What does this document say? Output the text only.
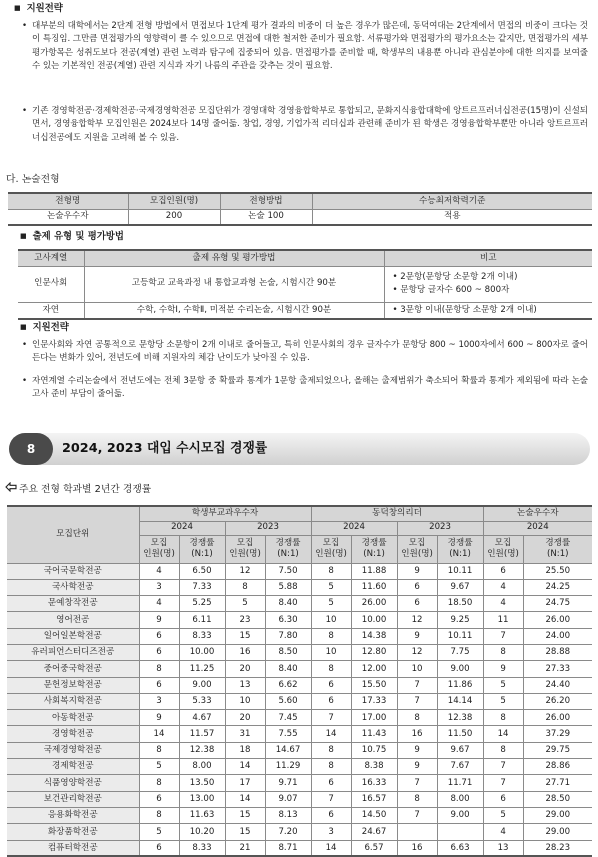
■ 지원전략
• 대부분의 대학에서는 2단계 전형 방법에서 면접보다 1단계 평가 결과의 비중이 더 높은 경우가 많은데, 동덕여대는 2단계에서 면접의 비중이 크다는 것이 특징임. 그만큼 면접평가의 영향력이 클 수 있으므로 면접에 대한 철저한 준비가 필요함. 서류평가와 면접평가의 평가요소는 같지만, 면접평가의 세부 평가항목은 성취도보다 전공(계열) 관련 노력과 탐구에 집중되어 있음. 면접평가를 준비할 때, 학생부의 내용뿐 아니라 관심분야에 대한 의지를 보여줄 수 있는 기본적인 전공(계열) 관련 지식과 자기 나름의 주관을 갖추는 것이 필요함.
• 기존 경영학전공·경제학전공·국제경영학전공 모집단위가 경영대학 경영융합학부로 통합되고, 문화지식융합대학에 앙트르프러너십전공(15명)이 신설되면서, 경영융합학부 모집인원은 2024보다 14명 줄어듦. 창업, 경영, 기업가적 리더십과 관련해 준비가 된 학생은 경영융합학부뿐만 아니라 앙트르프러너십전공에도 지원을 고려해 볼 수 있음.
다. 논술전형
전형명	모집인원(명)	전형방법	수능최저학력기준
논술우수자	200	논술 100	적용
■ 출제 유형 및 평가방법
고사계열	출제 유형 및 평가방법	비고
인문사회	고등학교 교육과정 내 통합교과형 논술, 시험시간 90분	• 2문항(문항당 소문항 2개 이내)
• 문항당 글자수 600 ~ 800자

자연	수학, 수학Ⅰ, 수학Ⅱ, 미적분 수리논술, 시험시간 90분	• 3문항 이내(문항당 소문항 2개 이내)
■ 지원전략
• 인문사회와 자연 공통적으로 문항당 소문항이 2개 이내로 줄어들고, 특히 인문사회의 경우 글자수가 문항당 800 ~ 1000자에서 600 ~ 800자로 줄어든다는 변화가 있어, 전년도에 비해 지원자의 체감 난이도가 낮아질 수 있음.
• 자연계열 수리논술에서 전년도에는 전체 3문항 중 확률과 통계가 1문항 출제되었으나, 올해는 출제범위가 축소되어 확률과 통계가 제외됨에 따라 논술고사 준비 부담이 줄어듦.
8	2024, 2023 대입 수시모집 경쟁률
주요 전형 학과별 2년간 경쟁률
모집단위	학생부교과우수자				동덕창의리더				논술우수자	
	2024		2023		2024		2023		2024	
	모집
인원(명)	경쟁률
(N:1)	모집
인원(명)	경쟁률
(N:1)	모집
인원(명)	경쟁률
(N:1)	모집
인원(명)	경쟁률
(N:1)	모집
인원(명)	경쟁률
(N:1)
국어국문학전공	4	6.50	12	7.50	8	11.88	9	10.11	6	25.50
국사학전공	3	7.33	8	5.88	5	11.60	6	9.67	4	24.25
문예창작전공	4	5.25	5	8.40	5	26.00	6	18.50	4	24.75
영어전공	9	6.11	23	6.30	10	10.00	12	9.25	11	26.00
일어일본학전공	6	8.33	15	7.80	8	14.38	9	10.11	7	24.00
유러피언스터디즈전공	6	10.00	16	8.50	10	12.80	12	7.75	8	28.88
중어중국학전공	8	11.25	20	8.40	8	12.00	10	9.00	9	27.33
문헌정보학전공	6	9.00	13	6.62	6	15.50	7	11.86	5	24.40
사회복지학전공	3	5.33	10	5.60	6	17.33	7	14.14	5	26.20
아동학전공	9	4.67	20	7.45	7	17.00	8	12.38	8	26.00
경영학전공	14	11.57	31	7.55	14	11.43	16	11.50	14	37.29
국제경영학전공	8	12.38	18	14.67	8	10.75	9	9.67	8	29.75
경제학전공	5	8.00	14	11.29	8	8.38	9	7.67	7	28.86
식품영양학전공	8	13.50	17	9.71	6	16.33	7	11.71	7	27.71
보건관리학전공	6	13.00	14	9.07	7	16.57	8	8.00	6	28.50
응용화학전공	8	11.63	15	8.13	6	14.50	7	9.00	5	29.00
화장품학전공	5	10.20	15	7.20	3	24.67			4	29.00
컴퓨터학전공	6	8.33	21	8.71	14	6.57	16	6.63	13	28.23
